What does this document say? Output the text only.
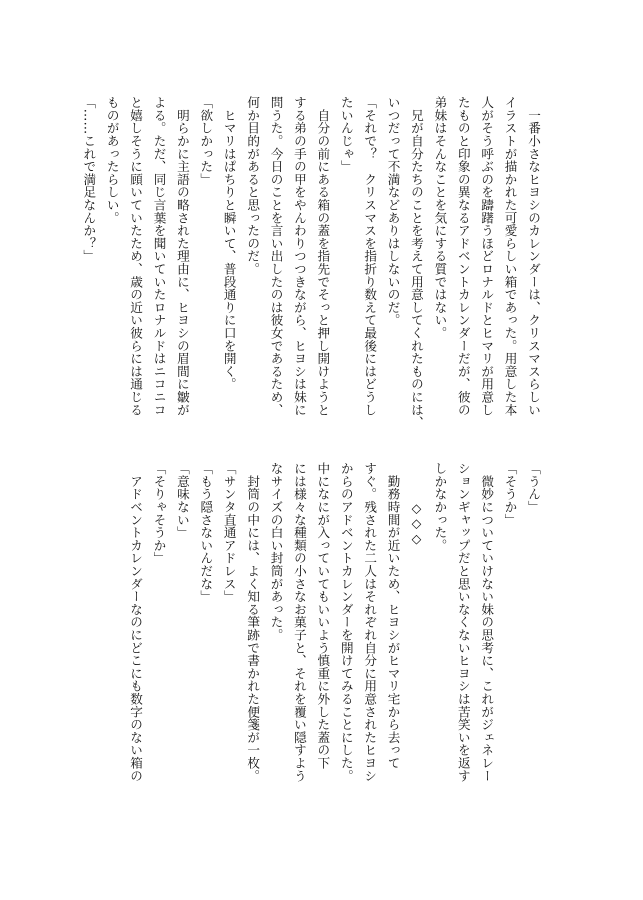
　一番小さなヒヨシのカレンダーは、クリスマスらしい
イラストが描かれた可愛らしい箱であった。用意した本
人がそう呼ぶのを躊躇うほどロナルドとヒマリが用意し
たものと印象の異なるアドベントカレンダーだが、彼の
弟妹はそんなことを気にする質ではない。
　兄が自分たちのことを考えて用意してくれたものには、
いつだって不満などありはしないのだ。
「それで？　クリスマスを指折り数えて最後にはどうし
たいんじゃ」
　自分の前にある箱の蓋を指先でそっと押し開けようと
する弟の手の甲をやんわりつつきながら、ヒヨシは妹に
問うた。今日のことを言い出したのは彼女であるため、
何か目的があると思ったのだ。
　ヒマリはぱちりと瞬いて、普段通りに口を開く。
「欲しかった」
　明らかに主語の略された理由に、ヒヨシの眉間に皺が
よる。ただ、同じ言葉を聞いていたロナルドはニコニコ
と嬉しそうに頋いていたため、歳の近い彼らには通じる
ものがあったらしい。
「……これで満足なんか？」
「うん」
「そうか」
　微妙についていけない妹の思考に、これがジェネレー
ションギャップだと思いなくないヒヨシは苦笑いを返す
しかなかった。
　　　◇◇◇
　勤務時間が近いため、ヒヨシがヒマリ宅から去って
すぐ。残された二人はそれぞれ自分に用意されたヒヨシ
からのアドベントカレンダーを開けてみることにした。
中になにが入っていてもいいよう慎重に外した蓋の下
には様々な種類の小さなお菓子と、それを覆い隠すよう
なサイズの白い封筒があった。
　封筒の中には、よく知る筆跡で書かれた便箋が一枚。
「サンタ直通アドレス」
「もう隠さないんだな」
「意味ない」
「そりゃそうか」
　アドベントカレンダーなのにどこにも数字のない箱の
